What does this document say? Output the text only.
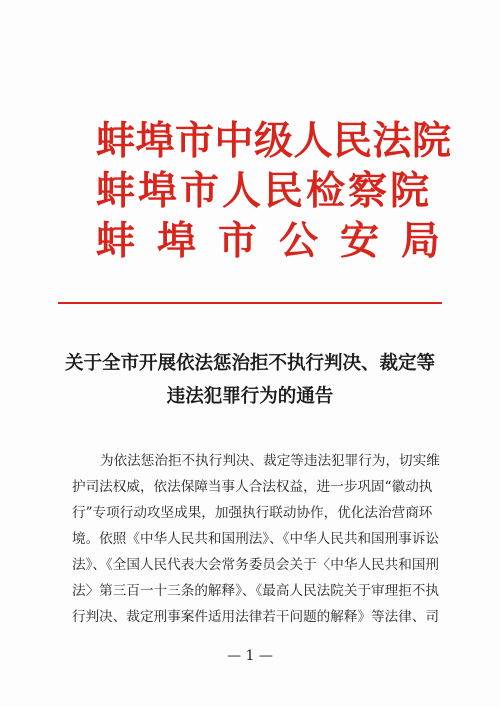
蚌埠市中级人民法院
蚌埠市人民检察院
蚌埠市公安局
关于全市开展依法惩治拒不执行判决、裁定等
违法犯罪行为的通告
为依法惩治拒不执行判决、裁定等违法犯罪行为，切实维
护司法权威，依法保障当事人合法权益，进一步巩固“徽动执
行”专项行动攻坚成果，加强执行联动协作，优化法治营商环
境。依照《中华人民共和国刑法》、《中华人民共和国刑事诉讼
法》、《全国人民代表大会常务委员会关于〈中华人民共和国刑
法〉第三百一十三条的解释》、《最高人民法院关于审理拒不执
行判决、裁定刑事案件适用法律若干问题的解释》等法律、司
— 1 —
